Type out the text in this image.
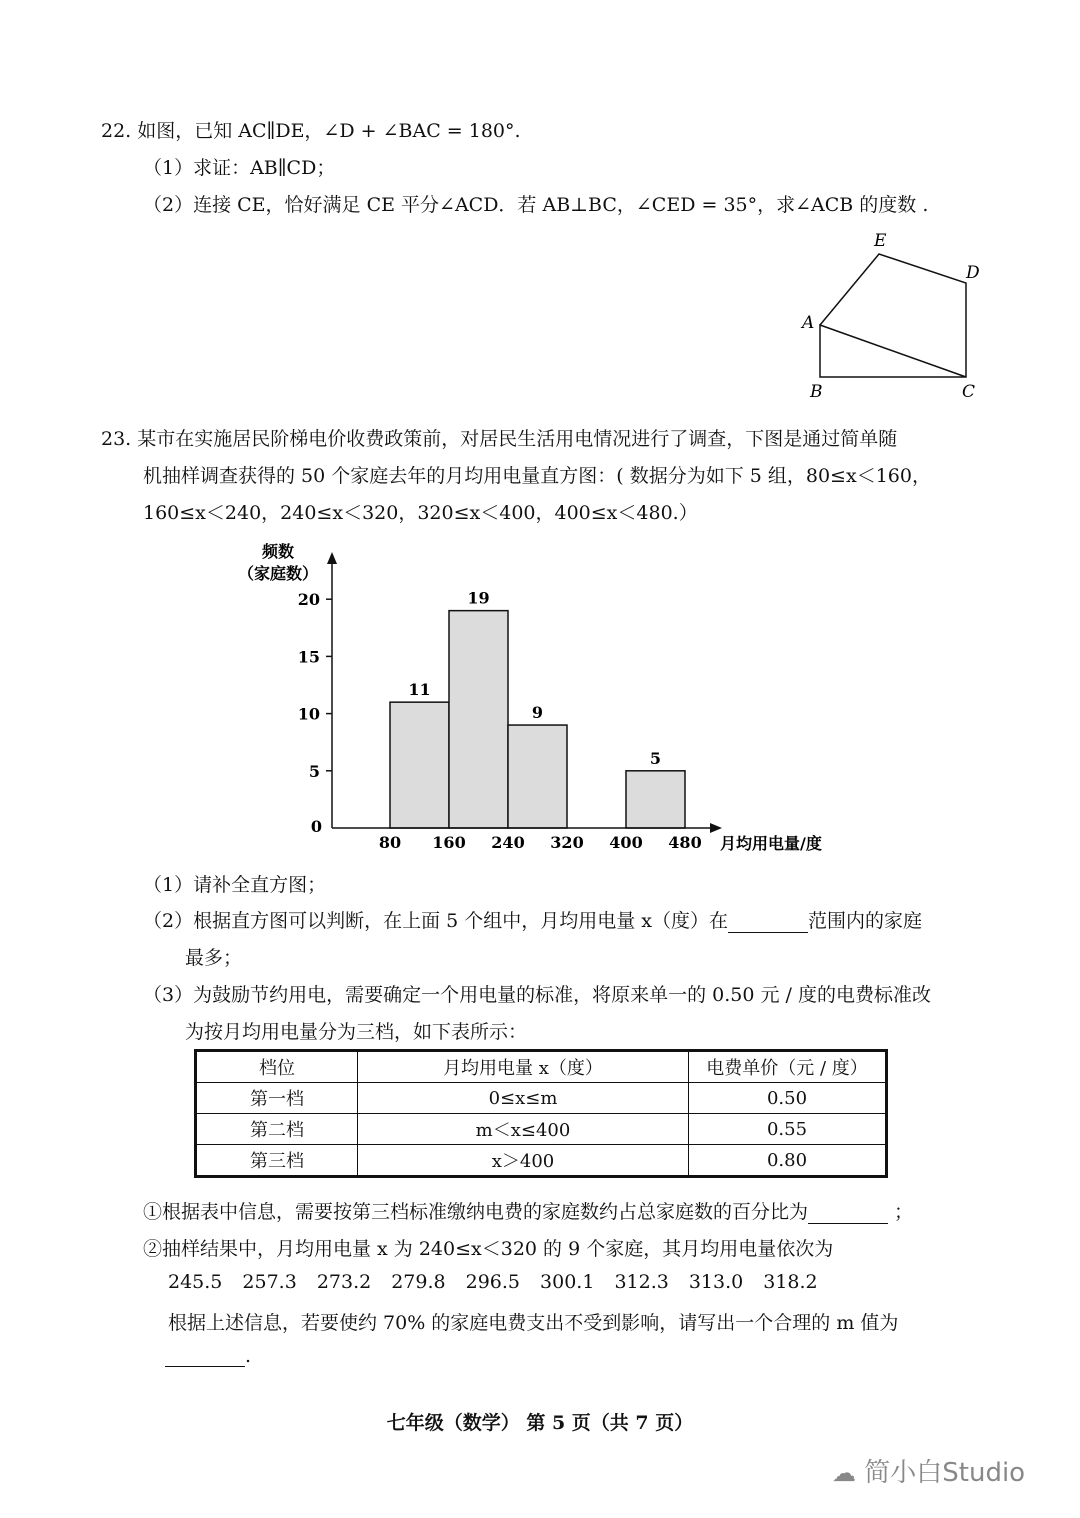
22. 如图，已知 AC∥DE，∠D + ∠BAC = 180°.
（1）求证：AB∥CD；
（2）连接 CE，恰好满足 CE 平分∠ACD．若 AB⊥BC，∠CED = 35°，求∠ACB 的度数 .
E
D
A
B	C
23. 某市在实施居民阶梯电价收费政策前，对居民生活用电情况进行了调查，下图是通过简单随
机抽样调查获得的 50 个家庭去年的月均用电量直方图：( 数据分为如下 5 组，80≤x＜160，
160≤x＜240，240≤x＜320，320≤x＜400，400≤x＜480.）
11
19
9
5
0
5
10
15
20
80 160 240 320 400 480
频数
（家庭数）
月均用电量/度
（1）请补全直方图；
（2）根据直方图可以判断，在上面 5 个组中，月均用电量 x（度）在	范围内的家庭
最多；
（3）为鼓励节约用电，需要确定一个用电量的标准，将原来单一的 0.50 元 / 度的电费标准改
为按月均用电量分为三档，如下表所示：
档位	月均用电量 x（度）	电费单价（元 / 度）
第一档	0≤x≤m	0.50
第二档	m＜x≤400	0.55
第三档	x＞400	0.80
①根据表中信息，需要按第三档标准缴纳电费的家庭数约占总家庭数的百分比为	；
②抽样结果中，月均用电量 x 为 240≤x＜320 的 9 个家庭，其月均用电量依次为
245.5 257.3 273.2 279.8 296.5 300.1 312.3 313.0 318.2
根据上述信息，若要使约 70% 的家庭电费支出不受到影响，请写出一个合理的 m 值为
.
七年级（数学） 第 5 页（共 7 页）
☁ 简小白Studio
